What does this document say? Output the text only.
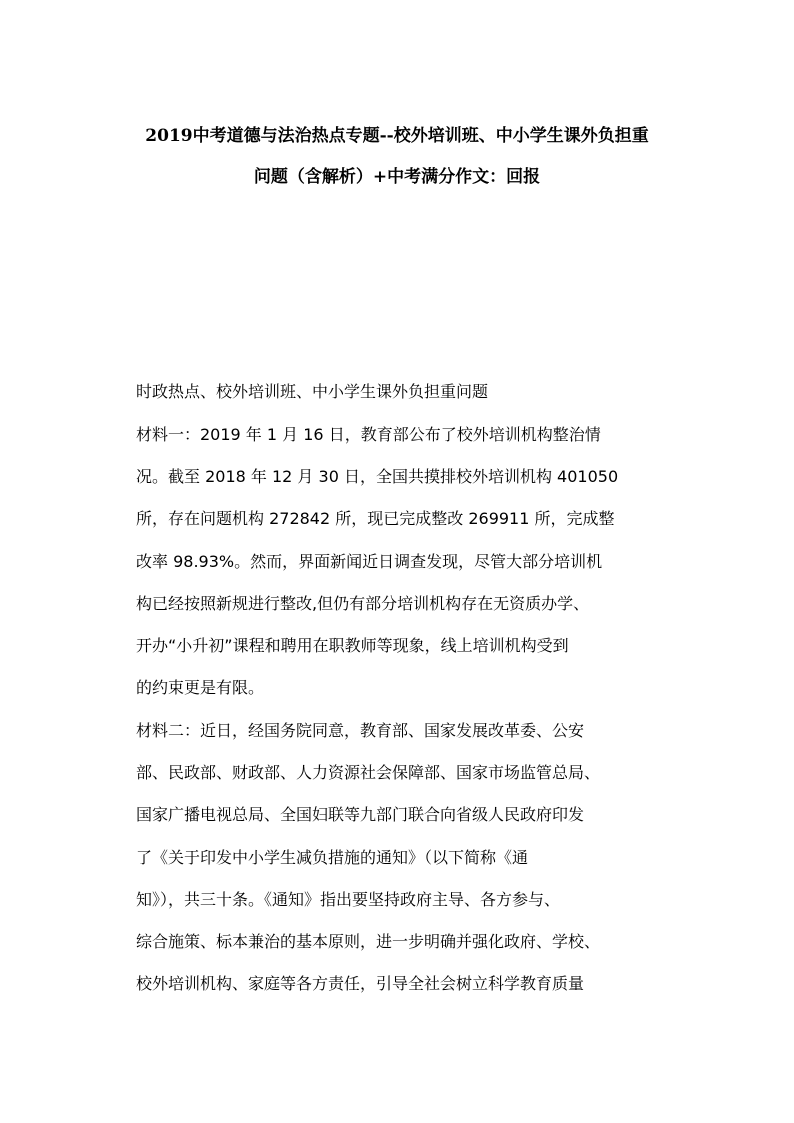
2019中考道德与法治热点专题--校外培训班、中小学生课外负担重
问题（含解析）+中考满分作文：回报
时政热点、校外培训班、中小学生课外负担重问题
材料一：2019 年 1 月 16 日，教育部公布了校外培训机构整治情
况。截至 2018 年 12 月 30 日，全国共摸排校外培训机构 401050
所，存在问题机构 272842 所，现已完成整改 269911 所，完成整
改率 98.93%。然而，界面新闻近日调查发现，尽管大部分培训机
构已经按照新规进行整改,但仍有部分培训机构存在无资质办学、
开办“小升初”课程和聘用在职教师等现象，线上培训机构受到
的约束更是有限。
材料二：近日，经国务院同意，教育部、国家发展改革委、公安
部、民政部、财政部、人力资源社会保障部、国家市场监管总局、
国家广播电视总局、全国妇联等九部门联合向省级人民政府印发
了《关于印发中小学生减负措施的通知》（以下简称《通
知》），共三十条。《通知》指出要坚持政府主导、各方参与、
综合施策、标本兼治的基本原则，进一步明确并强化政府、学校、
校外培训机构、家庭等各方责任，引导全社会树立科学教育质量
